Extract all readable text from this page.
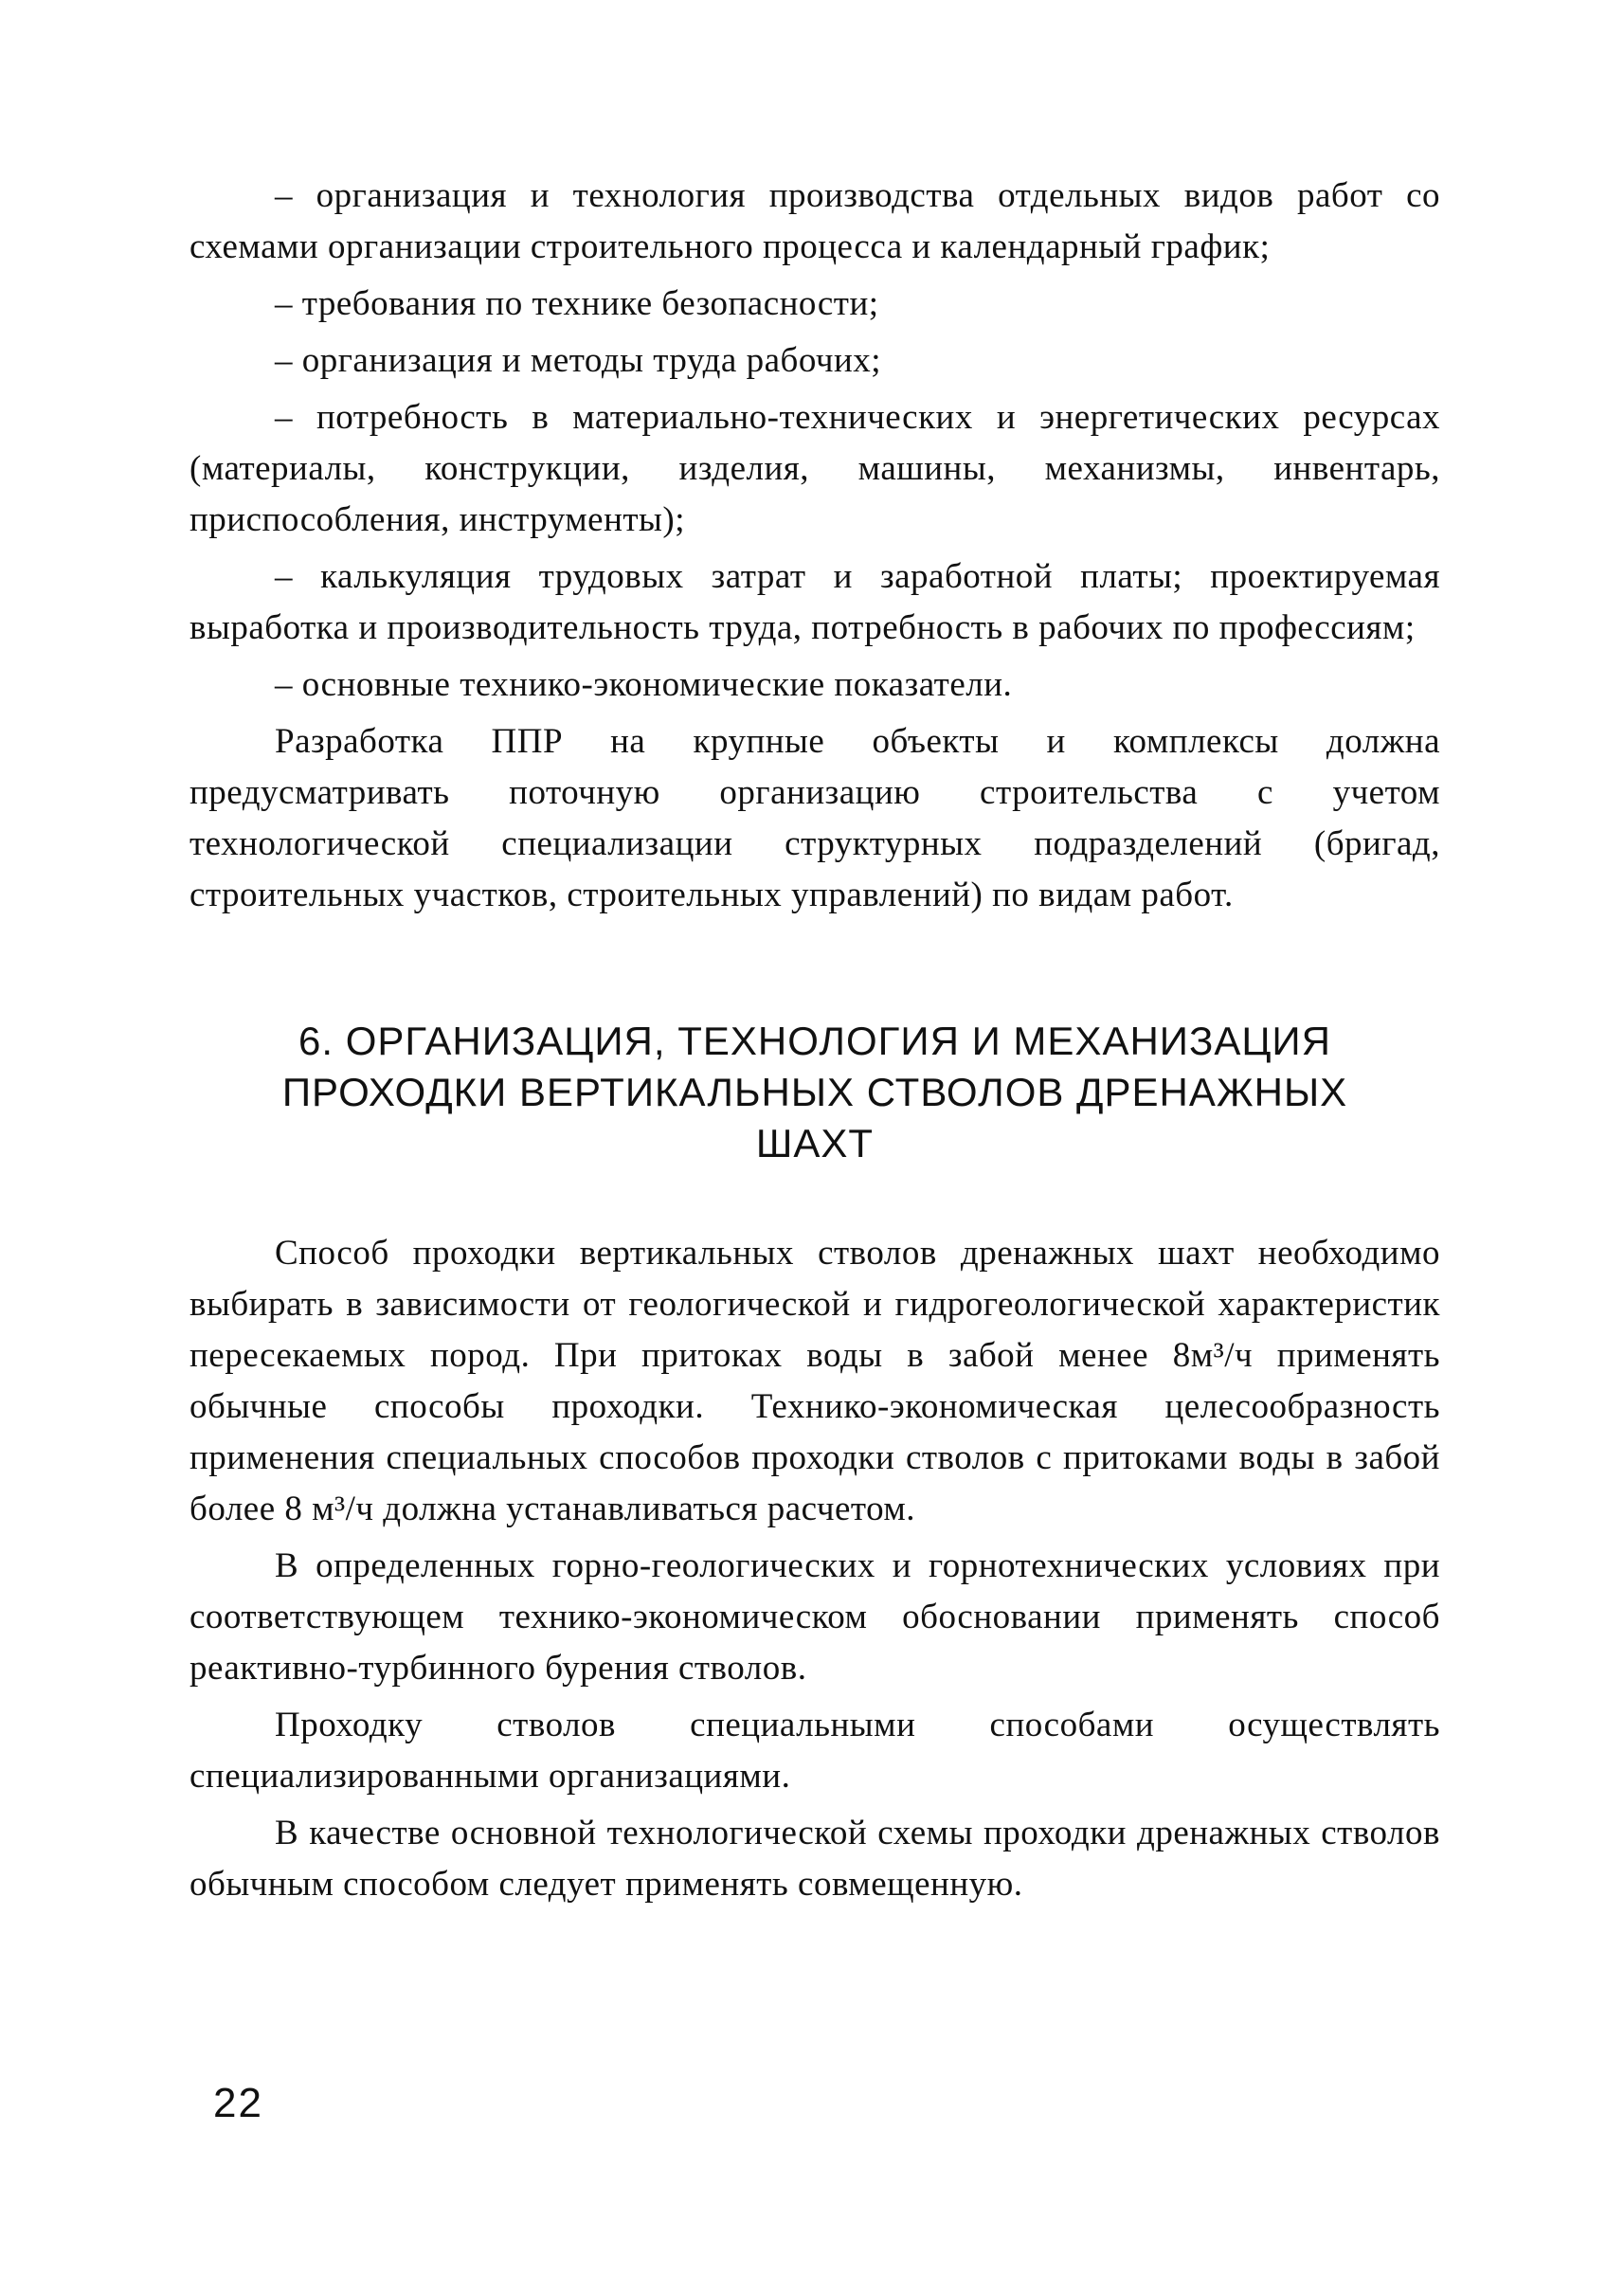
– организация и технология производства отдельных видов работ со схемами организации строительного процесса и календарный график;

– требования по технике безопасности;

– организация и методы труда рабочих;

– потребность в материально-технических и энергетических ресурсах (материалы, конструкции, изделия, машины, механизмы, инвентарь, приспособления, инструменты);

– калькуляция трудовых затрат и заработной платы; проектируемая выработка и производительность труда, потребность в рабочих по профессиям;

– основные технико-экономические показатели.

Разработка ППР на крупные объекты и комплексы должна предусматривать поточную организацию строительства с учетом технологической специализации структурных подразделений (бригад, строительных участков, строительных управлений) по видам работ.

6. ОРГАНИЗАЦИЯ, ТЕХНОЛОГИЯ И МЕХАНИЗАЦИЯ ПРОХОДКИ ВЕРТИКАЛЬНЫХ СТВОЛОВ ДРЕНАЖНЫХ ШАХТ

Способ проходки вертикальных стволов дренажных шахт необходимо выбирать в зависимости от геологической и гидрогеологической характеристик пересекаемых пород. При притоках воды в забой менее 8м³/ч применять обычные способы проходки. Технико-экономическая целесообразность применения специальных способов проходки стволов с притоками воды в забой более 8 м³/ч должна устанавливаться расчетом.

В определенных горно-геологических и горнотехнических условиях при соответствующем технико-экономическом обосновании применять способ реактивно-турбинного бурения стволов.

Проходку стволов специальными способами осуществлять специализированными организациями.

В качестве основной технологической схемы проходки дренажных стволов обычным способом следует применять совмещенную.

22
